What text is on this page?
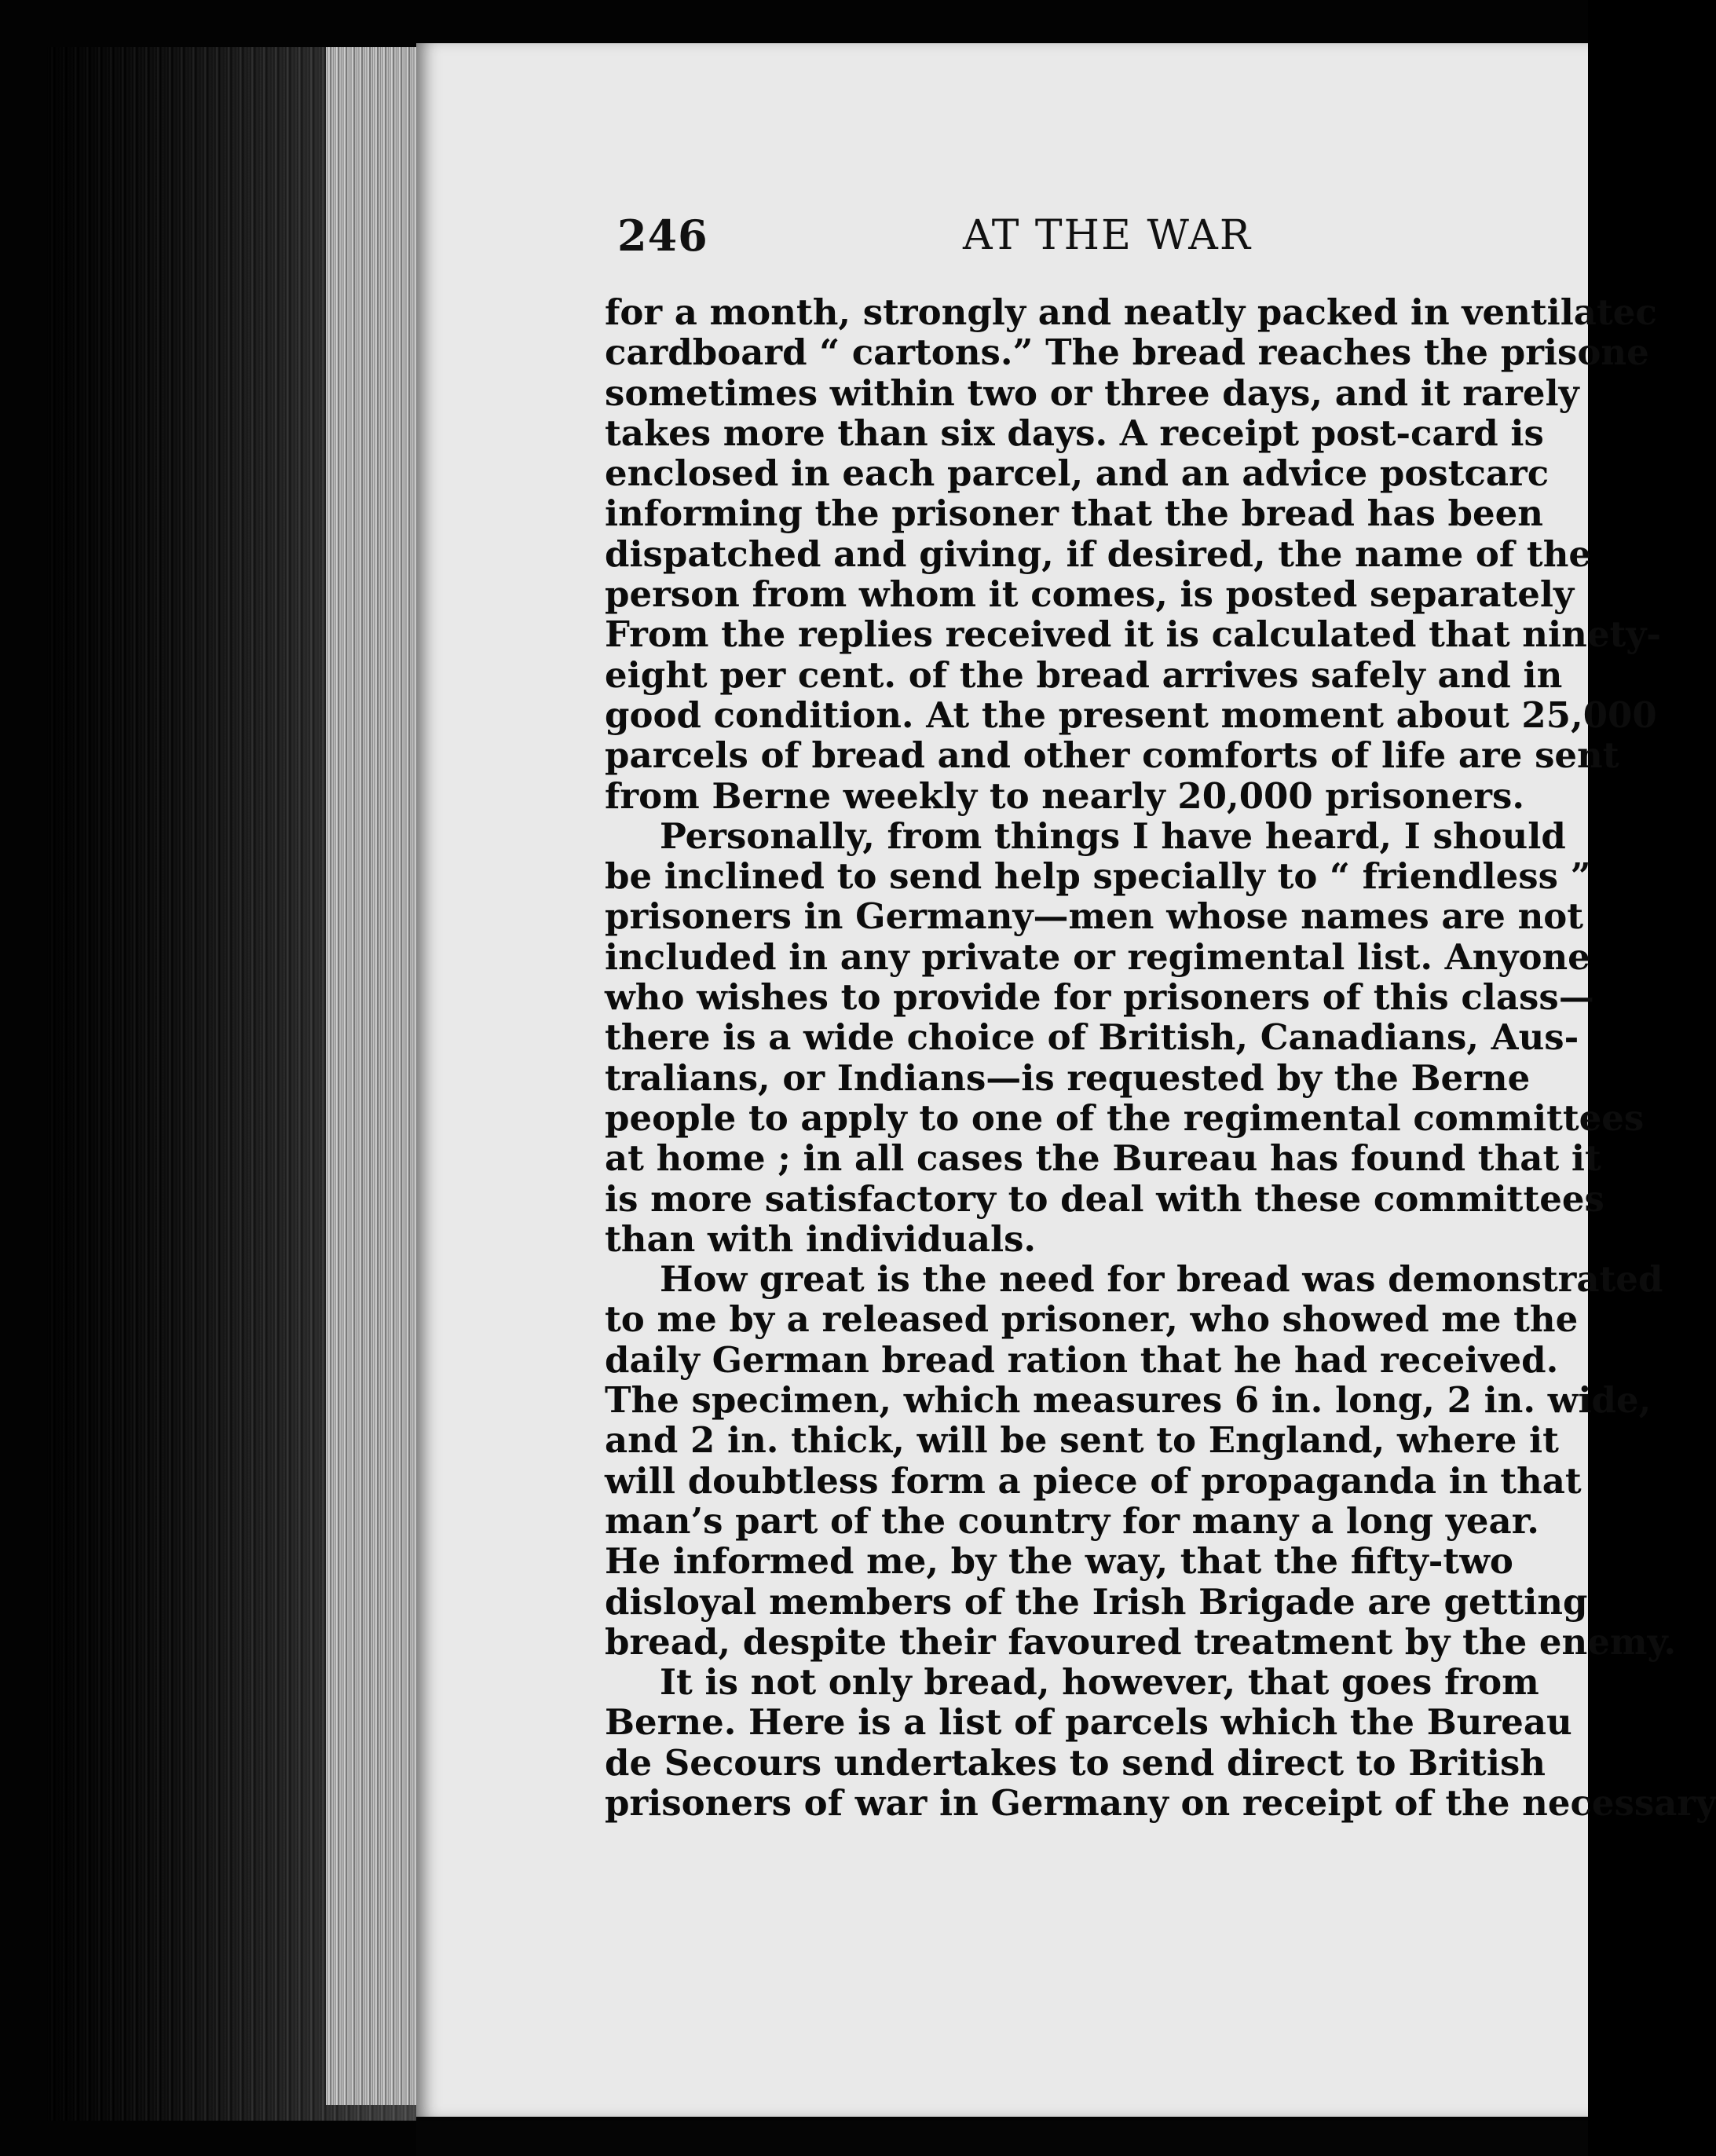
246	AT THE WAR
for a month, strongly and neatly packed in ventilatec
cardboard “ cartons.” The bread reaches the prisone
sometimes within two or three days, and it rarely
takes more than six days. A receipt post-card is
enclosed in each parcel, and an advice postcarc
informing the prisoner that the bread has been
dispatched and giving, if desired, the name of the
person from whom it comes, is posted separately
From the replies received it is calculated that ninety-
eight per cent. of the bread arrives safely and in
good condition. At the present moment about 25,000
parcels of bread and other comforts of life are sent
from Berne weekly to nearly 20,000 prisoners.
Personally, from things I have heard, I should
be inclined to send help specially to “ friendless ”
prisoners in Germany—men whose names are not
included in any private or regimental list. Anyone
who wishes to provide for prisoners of this class—
there is a wide choice of British, Canadians, Aus-
tralians, or Indians—is requested by the Berne
people to apply to one of the regimental committees
at home ; in all cases the Bureau has found that it
is more satisfactory to deal with these committees
than with individuals.
How great is the need for bread was demonstrated
to me by a released prisoner, who showed me the
daily German bread ration that he had received.
The specimen, which measures 6 in. long, 2 in. wide,
and 2 in. thick, will be sent to England, where it
will doubtless form a piece of propaganda in that
man’s part of the country for many a long year.
He informed me, by the way, that the fifty-two
disloyal members of the Irish Brigade are getting
bread, despite their favoured treatment by the enemy.
It is not only bread, however, that goes from
Berne. Here is a list of parcels which the Bureau
de Secours undertakes to send direct to British
prisoners of war in Germany on receipt of the necessary
